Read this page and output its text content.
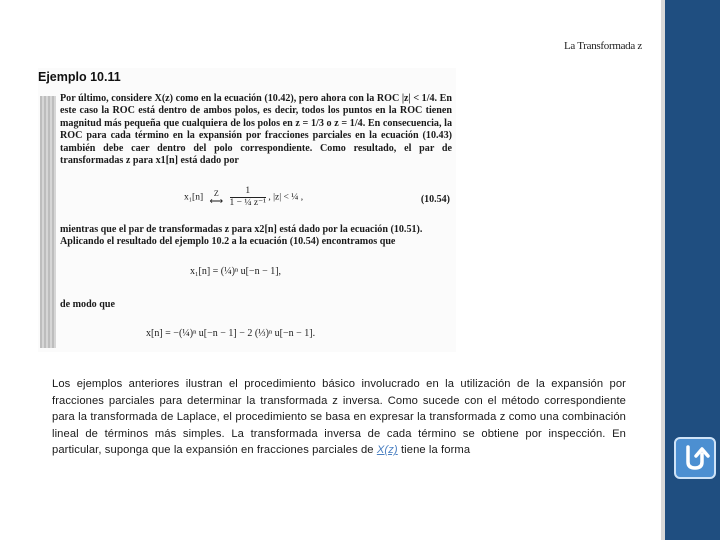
La Transformada z
Ejemplo 10.11
Por último, considere X(z) como en la ecuación (10.42), pero ahora con la ROC |z| < 1/4. En este caso la ROC está dentro de ambos polos, es decir, todos los puntos en la ROC tienen magnitud más pequeña que cualquiera de los polos en z = 1/3 o z = 1/4. En consecuencia, la ROC para cada término en la expansión por fracciones parciales en la ecuación (10.43) también debe caer dentro del polo correspondiente. Como resultado, el par de transformadas z para x1[n] está dado por
x₁[n]	Z
⟷
$\frac{1}{\text{1 − ¼ z⁻¹}}$ , |z| < ¼ ,	(10.54)
mientras que el par de transformadas z para x2[n] está dado por la ecuación (10.51). Aplicando el resultado del ejemplo 10.2 a la ecuación (10.54) encontramos que
x₁[n] = (¼)ⁿ u[−n − 1],
de modo que
x[n] = −(¼)ⁿ u[−n − 1] − 2 (⅓)ⁿ u[−n − 1].
Los ejemplos anteriores ilustran el procedimiento básico involucrado en la utilización de la expansión por fracciones parciales para determinar la transformada z inversa. Como sucede con el método correspondiente para la transformada de Laplace, el procedimiento se basa en expresar la transformada z como una combinación lineal de términos más simples. La transformada inversa de cada término se obtiene por inspección. En particular, suponga que la expansión en fracciones parciales de X(z) tiene la forma
